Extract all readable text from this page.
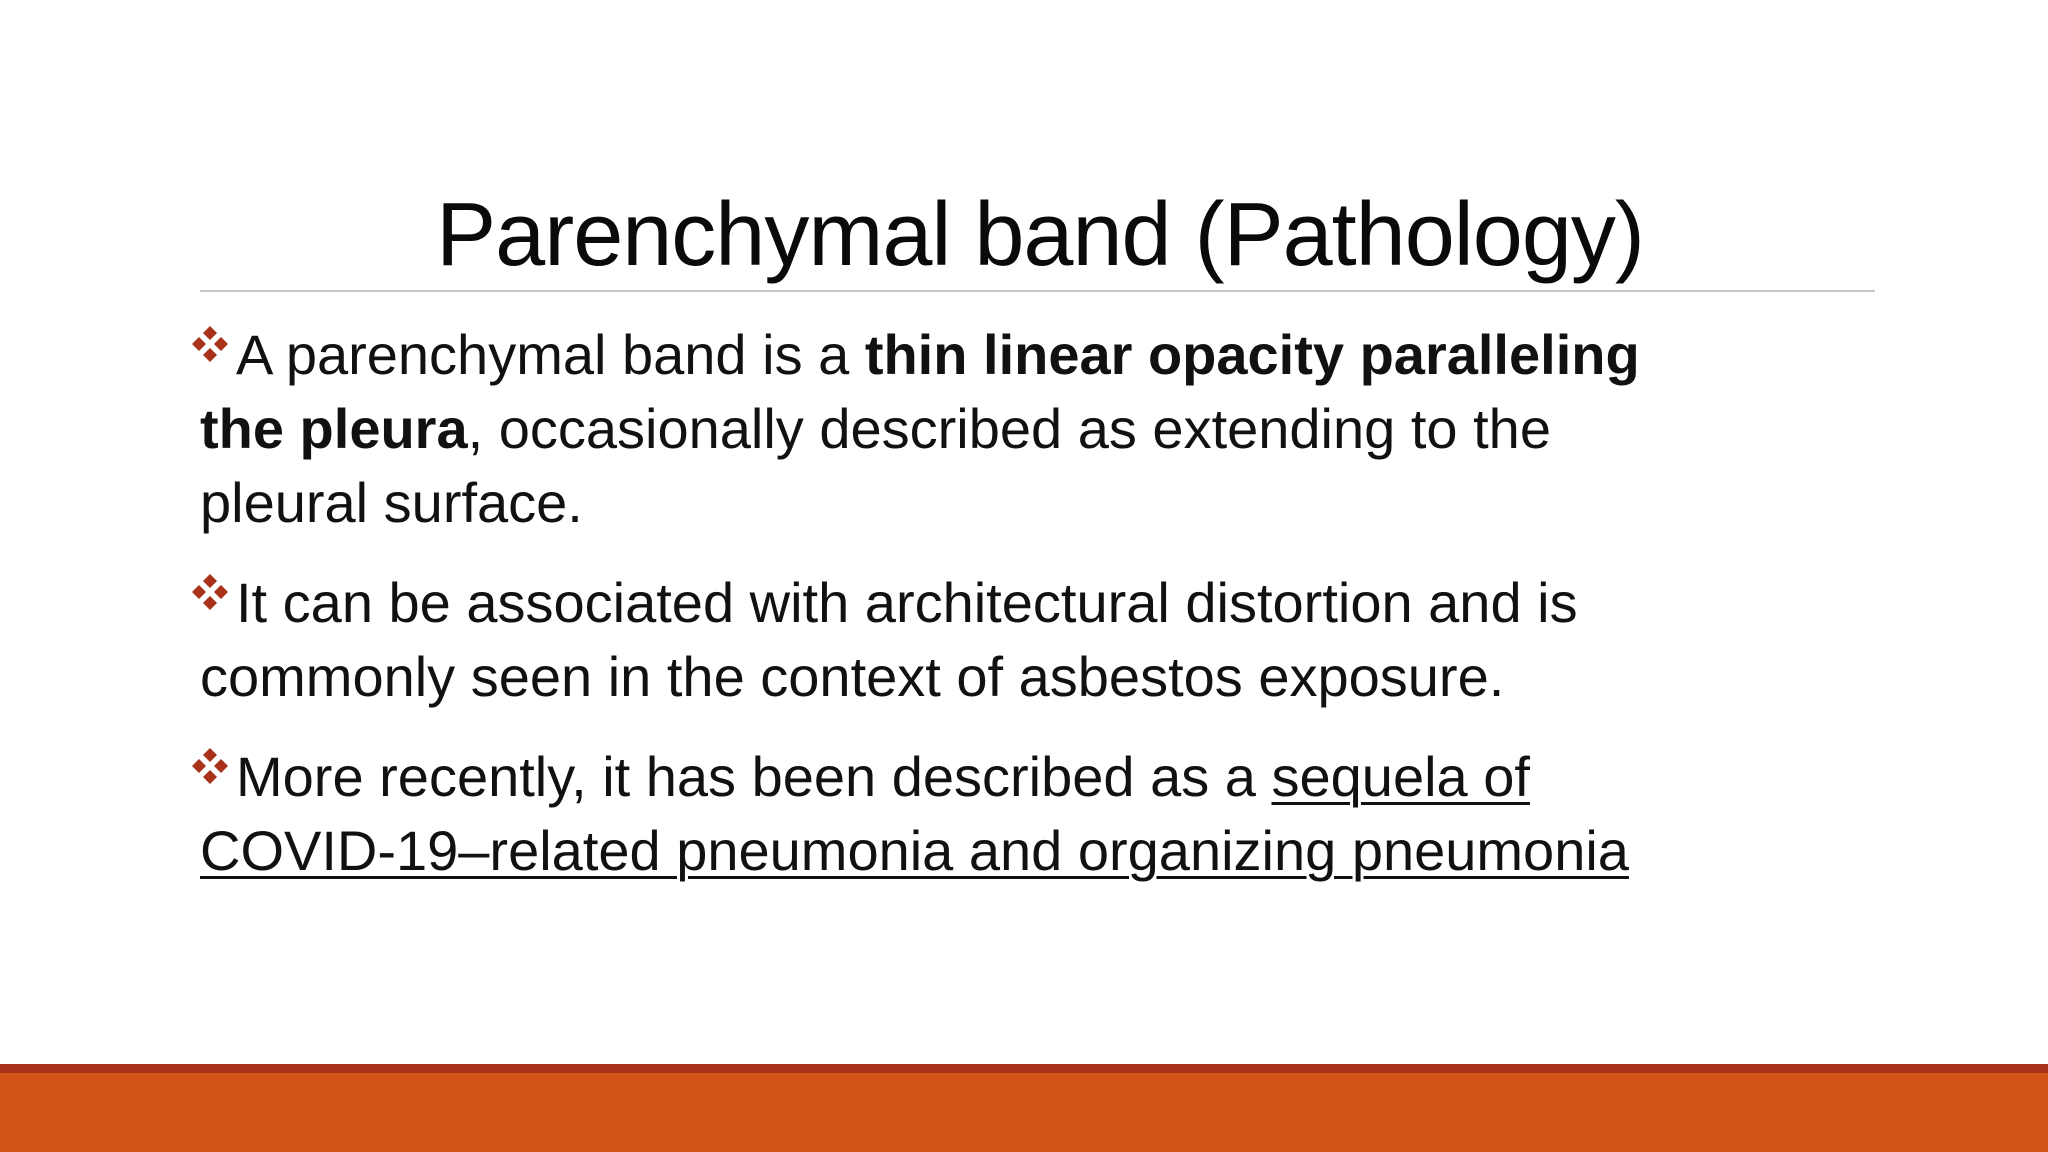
Parenchymal band (Pathology)
A parenchymal band is a thin linear opacity paralleling
the pleura, occasionally described as extending to the
pleural surface.
It can be associated with architectural distortion and is
commonly seen in the context of asbestos exposure.
More recently, it has been described as a sequela of
COVID-19–related pneumonia and organizing pneumonia
